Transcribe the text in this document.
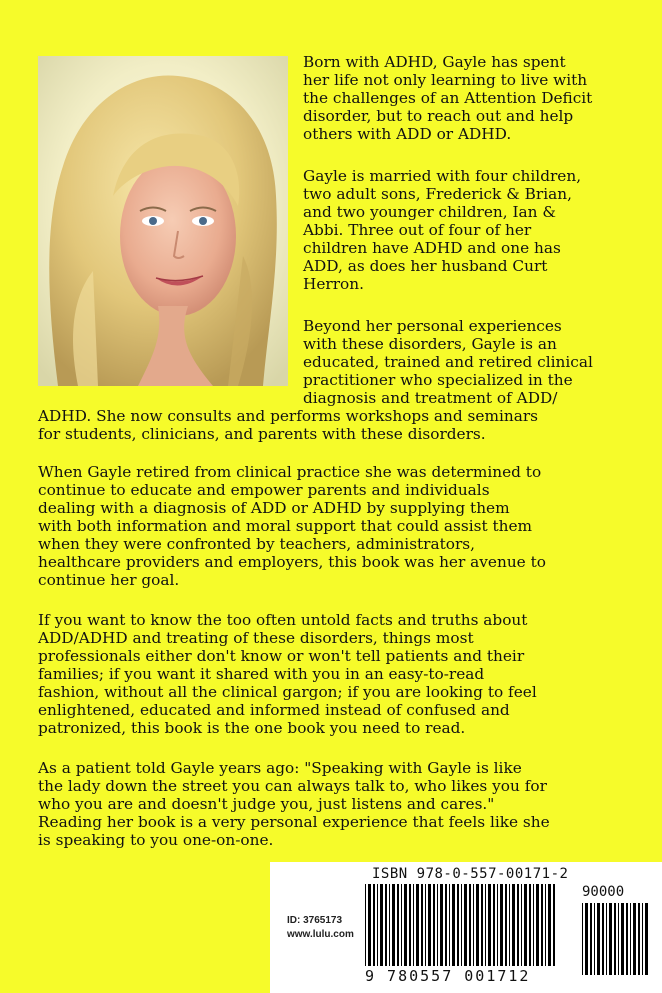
Born with ADHD, Gayle has spent
her life not only learning to live with
the challenges of an Attention Deficit
disorder, but to reach out and help
others with ADD or ADHD.

Gayle is married with four children,
two adult sons, Frederick & Brian,
and two younger children, Ian &
Abbi. Three out of four of her
children have ADHD and one has
ADD, as does her husband Curt
Herron.

Beyond her personal experiences
with these disorders, Gayle is an
educated, trained and retired clinical
practitioner who specialized in the
diagnosis and treatment of ADD/

ADHD. She now consults and performs workshops and seminars
for students, clinicians, and parents with these disorders.

When Gayle retired from clinical practice she was determined to
continue to educate and empower parents and individuals
dealing with a diagnosis of ADD or ADHD by supplying them
with both information and moral support that could assist them
when they were confronted by teachers, administrators,
healthcare providers and employers, this book was her avenue to
continue her goal.

If you want to know the too often untold facts and truths about
ADD/ADHD and treating of these disorders, things most
professionals either don't know or won't tell patients and their
families; if you want it shared with you in an easy-to-read
fashion, without all the clinical gargon; if you are looking to feel
enlightened, educated and informed instead of confused and
patronized, this book is the one book you need to read.

As a patient told Gayle years ago: "Speaking with Gayle is like
the lady down the street you can always talk to, who likes you for
who you are and doesn't judge you, just listens and cares."
Reading her book is a very personal experience that feels like she
is speaking to you one-on-one.

ISBN 978-0-557-00171-2
90000
ID: 3765173
www.lulu.com
9 780557 001712
